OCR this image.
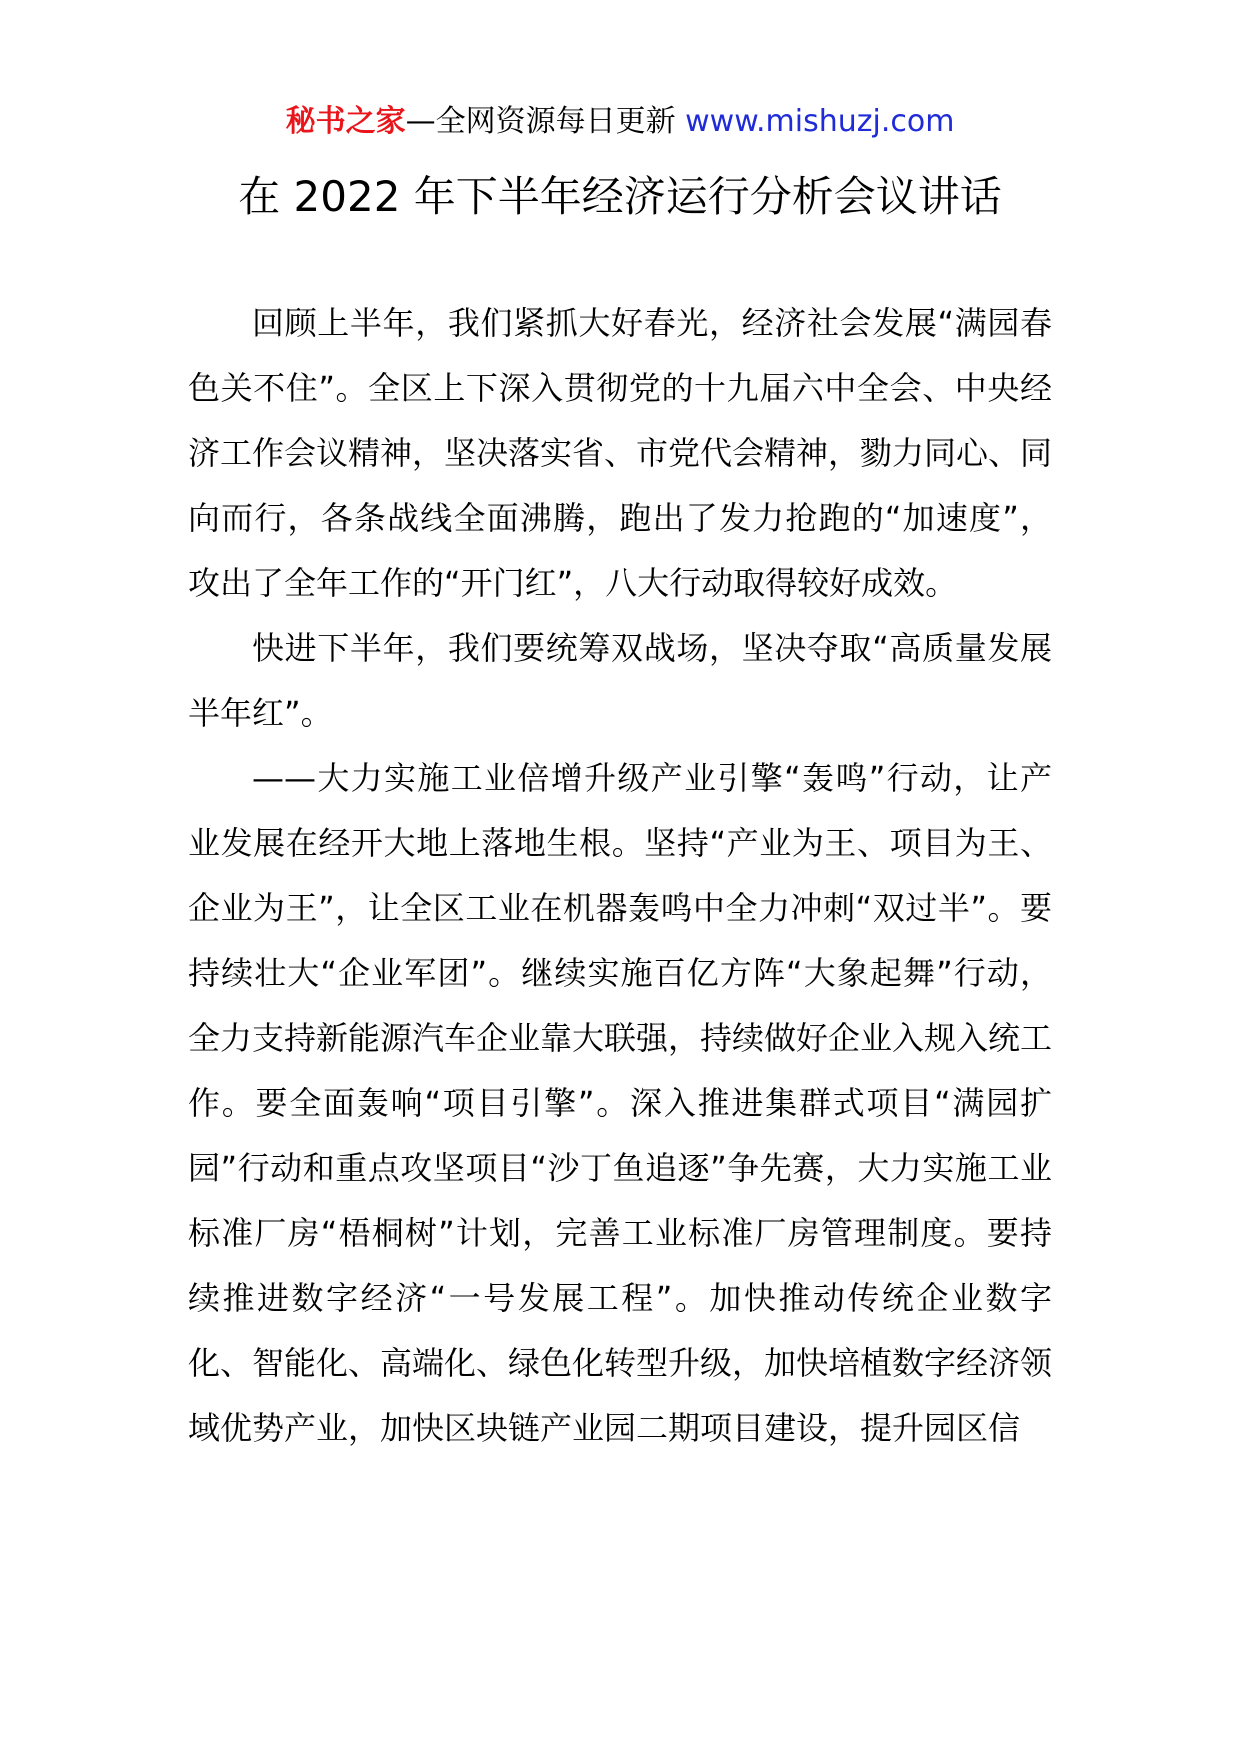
秘书之家—全网资源每日更新 www.mishuzj.com
在 2022 年下半年经济运行分析会议讲话

回顾上半年，我们紧抓大好春光，经济社会发展“满园春色关不住”。全区上下深入贯彻党的十九届六中全会、中央经济工作会议精神，坚决落实省、市党代会精神，勠力同心、同向而行，各条战线全面沸腾，跑出了发力抢跑的“加速度”，攻出了全年工作的“开门红”，八大行动取得较好成效。

快进下半年，我们要统筹双战场，坚决夺取“高质量发展半年红”。

——大力实施工业倍增升级产业引擎“轰鸣”行动，让产业发展在经开大地上落地生根。坚持“产业为王、项目为王、企业为王”，让全区工业在机器轰鸣中全力冲刺“双过半”。要持续壮大“企业军团”。继续实施百亿方阵“大象起舞”行动，全力支持新能源汽车企业靠大联强，持续做好企业入规入统工作。要全面轰响“项目引擎”。深入推进集群式项目“满园扩园”行动和重点攻坚项目“沙丁鱼追逐”争先赛，大力实施工业标准厂房“梧桐树”计划，完善工业标准厂房管理制度。要持续推进数字经济“一号发展工程”。加快推动传统企业数字化、智能化、高端化、绿色化转型升级，加快培植数字经济领域优势产业，加快区块链产业园二期项目建设，提升园区信
